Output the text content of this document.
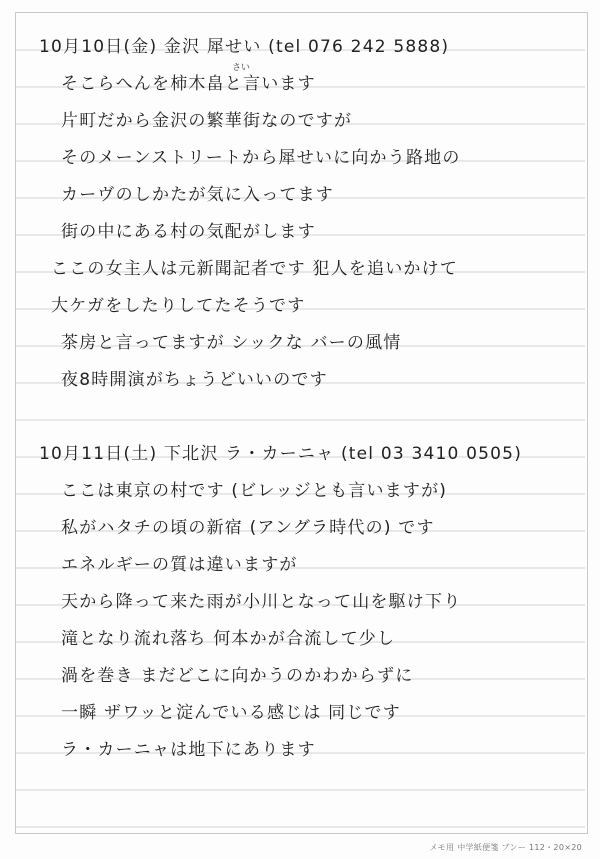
10月10日(金) 金沢 犀せい (tel 076 242 5888)
そこらへんを柿木畠と言います
片町だから金沢の繁華街なのですが
そのメーンストリートから犀せいに向かう路地の
カーヴのしかたが気に入ってます
街の中にある村の気配がします
ここの女主人は元新聞記者です 犯人を追いかけて
大ケガをしたりしてたそうです
茶房と言ってますが シックな バーの風情
夜8時開演がちょうどいいのです
10月11日(土) 下北沢 ラ・カーニャ (tel 03 3410 0505)
ここは東京の村です (ビレッジとも言いますが)
私がハタチの頃の新宿 (アングラ時代の) です
エネルギーの質は違いますが
天から降って来た雨が小川となって山を駆け下り
滝となり流れ落ち 何本かが合流して少し
渦を巻き まだどこに向かうのかわからずに
一瞬 ザワッと淀んでいる感じは 同じです
ラ・カーニャは地下にあります
さい
メモ用 中学紙便箋 ブンー 112・20×20
